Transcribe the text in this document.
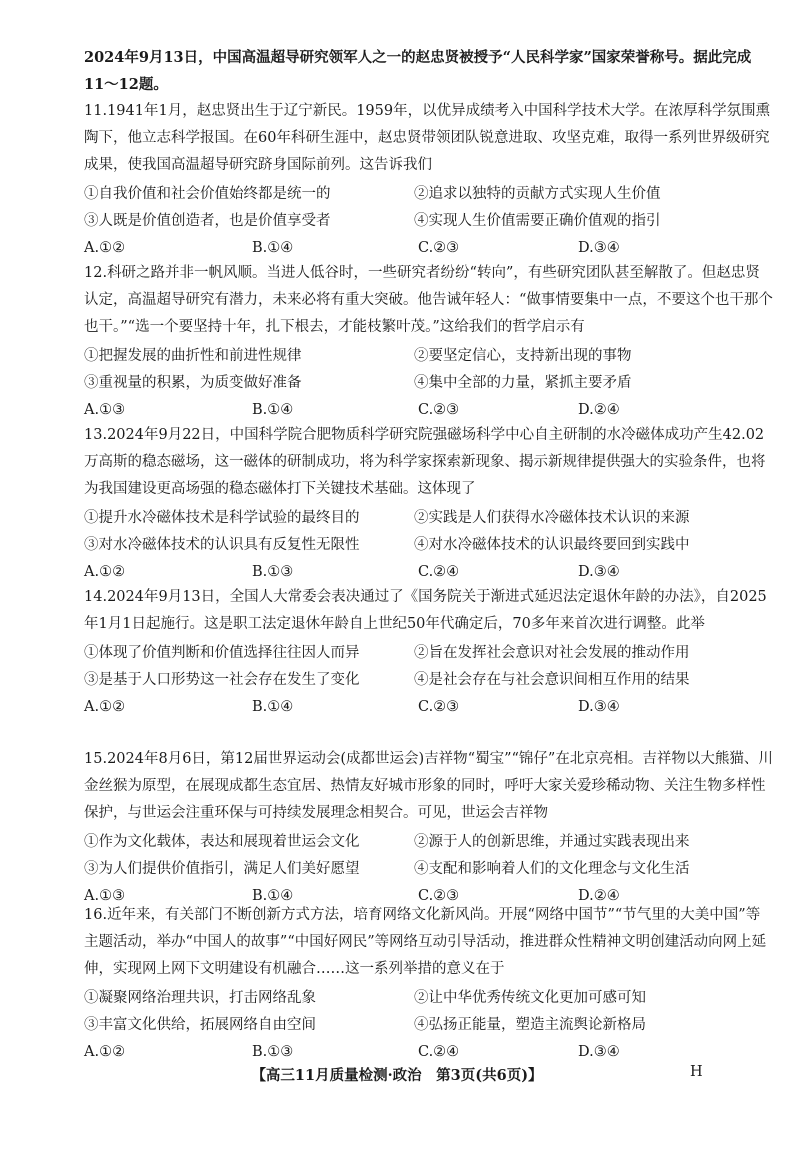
2024年9月13日，中国高温超导研究领军人之一的赵忠贤被授予“人民科学家”国家荣誉称号。据此完成11～12题。
11.1941年1月，赵忠贤出生于辽宁新民。1959年，以优异成绩考入中国科学技术大学。在浓厚科学氛围熏陶下，他立志科学报国。在60年科研生涯中，赵忠贤带领团队锐意进取、攻坚克难，取得一系列世界级研究成果，使我国高温超导研究跻身国际前列。这告诉我们
①自我价值和社会价值始终都是统一的	②追求以独特的贡献方式实现人生价值
③人既是价值创造者，也是价值享受者	④实现人生价值需要正确价值观的指引
A.①②	B.①④	C.②③	D.③④
12.科研之路并非一帆风顺。当进人低谷时，一些研究者纷纷“转向”，有些研究团队甚至解散了。但赵忠贤认定，高温超导研究有潜力，未来必将有重大突破。他告诫年轻人：“做事情要集中一点，不要这个也干那个也干。”“选一个要坚持十年，扎下根去，才能枝繁叶茂。”这给我们的哲学启示有
①把握发展的曲折性和前进性规律	②要坚定信心，支持新出现的事物
③重视量的积累，为质变做好准备	④集中全部的力量，紧抓主要矛盾
A.①③	B.①④	C.②③	D.②④
13.2024年9月22日，中国科学院合肥物质科学研究院强磁场科学中心自主研制的水冷磁体成功产生42.02万高斯的稳态磁场，这一磁体的研制成功，将为科学家探索新现象、揭示新规律提供强大的实验条件，也将为我国建设更高场强的稳态磁体打下关键技术基础。这体现了
①提升水冷磁体技术是科学试验的最终目的	②实践是人们获得水冷磁体技术认识的来源
③对水冷磁体技术的认识具有反复性无限性	④对水冷磁体技术的认识最终要回到实践中
A.①②	B.①③	C.②④	D.③④
14.2024年9月13日，全国人大常委会表决通过了《国务院关于渐进式延迟法定退休年龄的办法》，自2025年1月1日起施行。这是职工法定退休年龄自上世纪50年代确定后，70多年来首次进行调整。此举
①体现了价值判断和价值选择往往因人而异	②旨在发挥社会意识对社会发展的推动作用
③是基于人口形势这一社会存在发生了变化	④是社会存在与社会意识间相互作用的结果
A.①②	B.①④	C.②③	D.③④
15.2024年8月6日，第12届世界运动会(成都世运会)吉祥物“蜀宝”“锦仔”在北京亮相。吉祥物以大熊猫、川金丝猴为原型，在展现成都生态宜居、热情友好城市形象的同时，呼吁大家关爱珍稀动物、关注生物多样性保护，与世运会注重环保与可持续发展理念相契合。可见，世运会吉祥物
①作为文化载体，表达和展现着世运会文化	②源于人的创新思维，并通过实践表现出来
③为人们提供价值指引，满足人们美好愿望	④支配和影响着人们的文化理念与文化生活
A.①③	B.①④	C.②③	D.②④
16.近年来，有关部门不断创新方式方法，培育网络文化新风尚。开展“网络中国节”“节气里的大美中国”等主题活动，举办“中国人的故事”“中国好网民”等网络互动引导活动，推进群众性精神文明创建活动向网上延伸，实现网上网下文明建设有机融合……这一系列举措的意义在于
①凝聚网络治理共识，打击网络乱象	②让中华优秀传统文化更加可感可知
③丰富文化供给，拓展网络自由空间	④弘扬正能量，塑造主流舆论新格局
A.①②	B.①③	C.②④	D.③④
【高三11月质量检测·政治　第3页(共6页)】	H
